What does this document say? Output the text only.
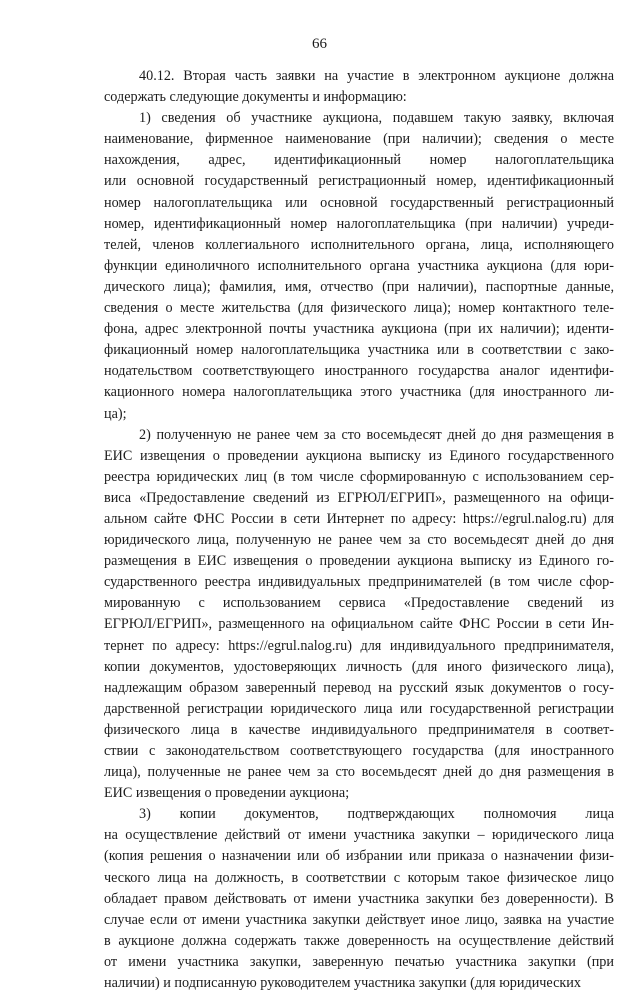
66
40.12. Вторая часть заявки на участие в электронном аукционе должна
содержать следующие документы и информацию:
1) сведения об участнике аукциона, подавшем такую заявку, включая
наименование, фирменное наименование (при наличии); сведения о месте
нахождения, адрес, идентификационный номер налогоплательщика
или основной государственный регистрационный номер, идентификационный
номер налогоплательщика или основной государственный регистрационный
номер, идентификационный номер налогоплательщика (при наличии) учреди-
телей, членов коллегиального исполнительного органа, лица, исполняющего
функции единоличного исполнительного органа участника аукциона (для юри-
дического лица); фамилия, имя, отчество (при наличии), паспортные данные,
сведения о месте жительства (для физического лица); номер контактного теле-
фона, адрес электронной почты участника аукциона (при их наличии); иденти-
фикационный номер налогоплательщика участника или в соответствии с зако-
нодательством соответствующего иностранного государства аналог идентифи-
кационного номера налогоплательщика этого участника (для иностранного ли-
ца);
2) полученную не ранее чем за сто восемьдесят дней до дня размещения в
ЕИС извещения о проведении аукциона выписку из Единого государственного
реестра юридических лиц (в том числе сформированную с использованием сер-
виса «Предоставление сведений из ЕГРЮЛ/ЕГРИП», размещенного на офици-
альном сайте ФНС России в сети Интернет по адресу: https://egrul.nalog.ru) для
юридического лица, полученную не ранее чем за сто восемьдесят дней до дня
размещения в ЕИС извещения о проведении аукциона выписку из Единого го-
сударственного реестра индивидуальных предпринимателей (в том числе сфор-
мированную с использованием сервиса «Предоставление сведений из
ЕГРЮЛ/ЕГРИП», размещенного на официальном сайте ФНС России в сети Ин-
тернет по адресу: https://egrul.nalog.ru) для индивидуального предпринимателя,
копии документов, удостоверяющих личность (для иного физического лица),
надлежащим образом заверенный перевод на русский язык документов о госу-
дарственной регистрации юридического лица или государственной регистрации
физического лица в качестве индивидуального предпринимателя в соответ-
ствии с законодательством соответствующего государства (для иностранного
лица), полученные не ранее чем за сто восемьдесят дней до дня размещения в
ЕИС извещения о проведении аукциона;
3) копии документов, подтверждающих полномочия лица
на осуществление действий от имени участника закупки – юридического лица
(копия решения о назначении или об избрании или приказа о назначении физи-
ческого лица на должность, в соответствии с которым такое физическое лицо
обладает правом действовать от имени участника закупки без доверенности). В
случае если от имени участника закупки действует иное лицо, заявка на участие
в аукционе должна содержать также доверенность на осуществление действий
от имени участника закупки, заверенную печатью участника закупки (при
наличии) и подписанную руководителем участника закупки (для юридических
